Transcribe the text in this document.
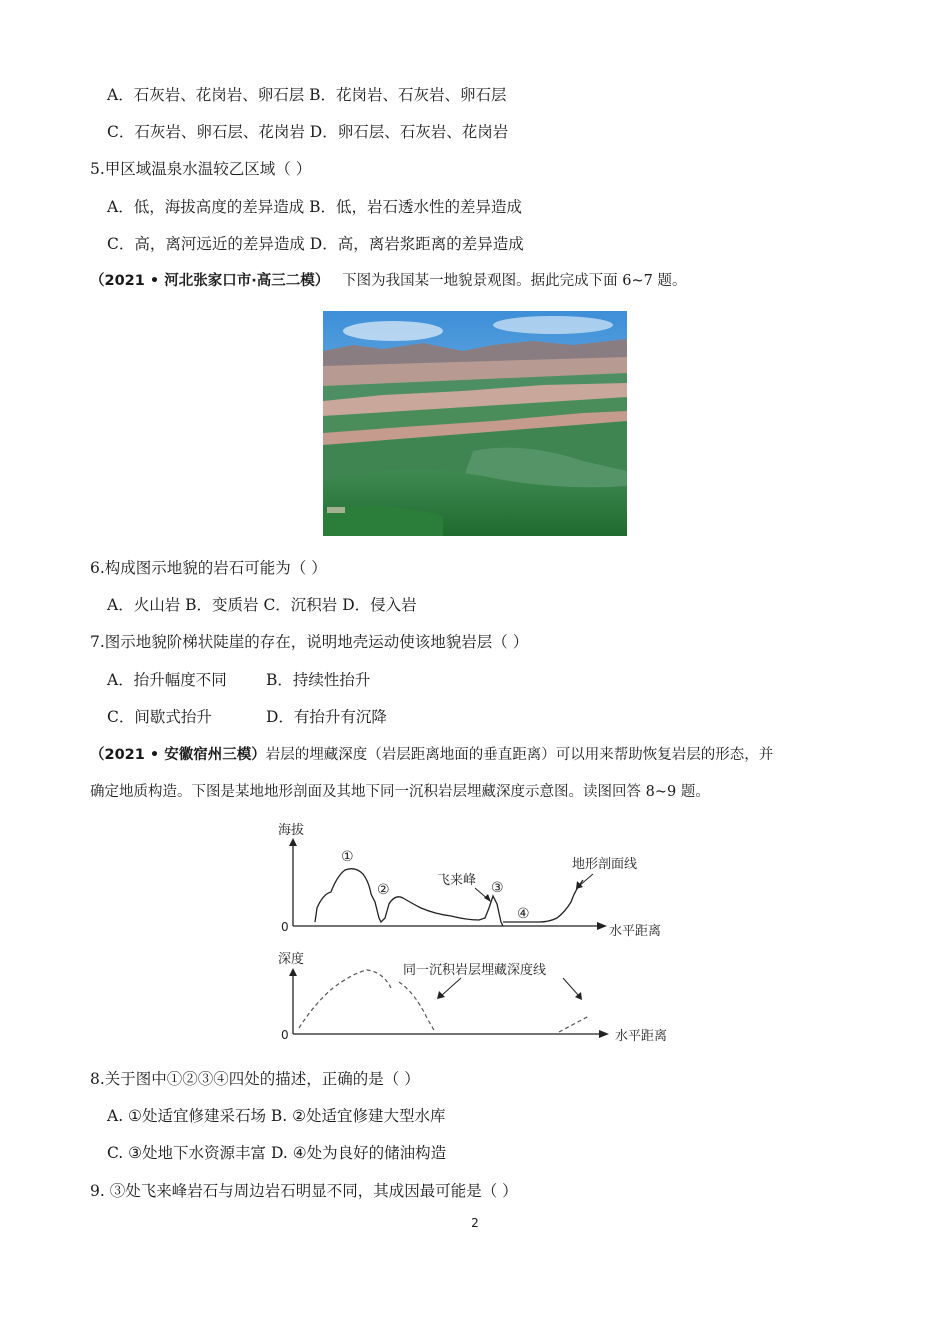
A．石灰岩、花岗岩、卵石层 B．花岗岩、石灰岩、卵石层
C．石灰岩、卵石层、花岗岩 D．卵石层、石灰岩、花岗岩
5.甲区域温泉水温较乙区域（ ）
A．低，海拔高度的差异造成 B．低，岩石透水性的差异造成
C．高，离河远近的差异造成 D．高，离岩浆距离的差异造成
（2021 • 河北张家口市·高三二模） 下图为我国某一地貌景观图。据此完成下面 6~7 题。
6.构成图示地貌的岩石可能为（ ）
A．火山岩 B．变质岩 C．沉积岩 D．侵入岩
7.图示地貌阶梯状陡崖的存在，说明地壳运动使该地貌岩层（ ）
A．抬升幅度不同	B．持续性抬升
C．间歇式抬升	D．有抬升有沉降
（2021 • 安徽宿州三模）岩层的埋藏深度（岩层距离地面的垂直距离）可以用来帮助恢复岩层的形态，并
确定地质构造。下图是某地地形剖面及其地下同一沉积岩层埋藏深度示意图。读图回答 8~9 题。
海拔
0	水平距离
①
②	③
④
飞来峰
地形剖面线
深度
0	水平距离
同一沉积岩层埋藏深度线
8.关于图中①②③④四处的描述，正确的是（ ）
A. ①处适宜修建采石场 B. ②处适宜修建大型水库
C. ③处地下水资源丰富 D. ④处为良好的储油构造
9. ③处飞来峰岩石与周边岩石明显不同，其成因最可能是（ ）
2
